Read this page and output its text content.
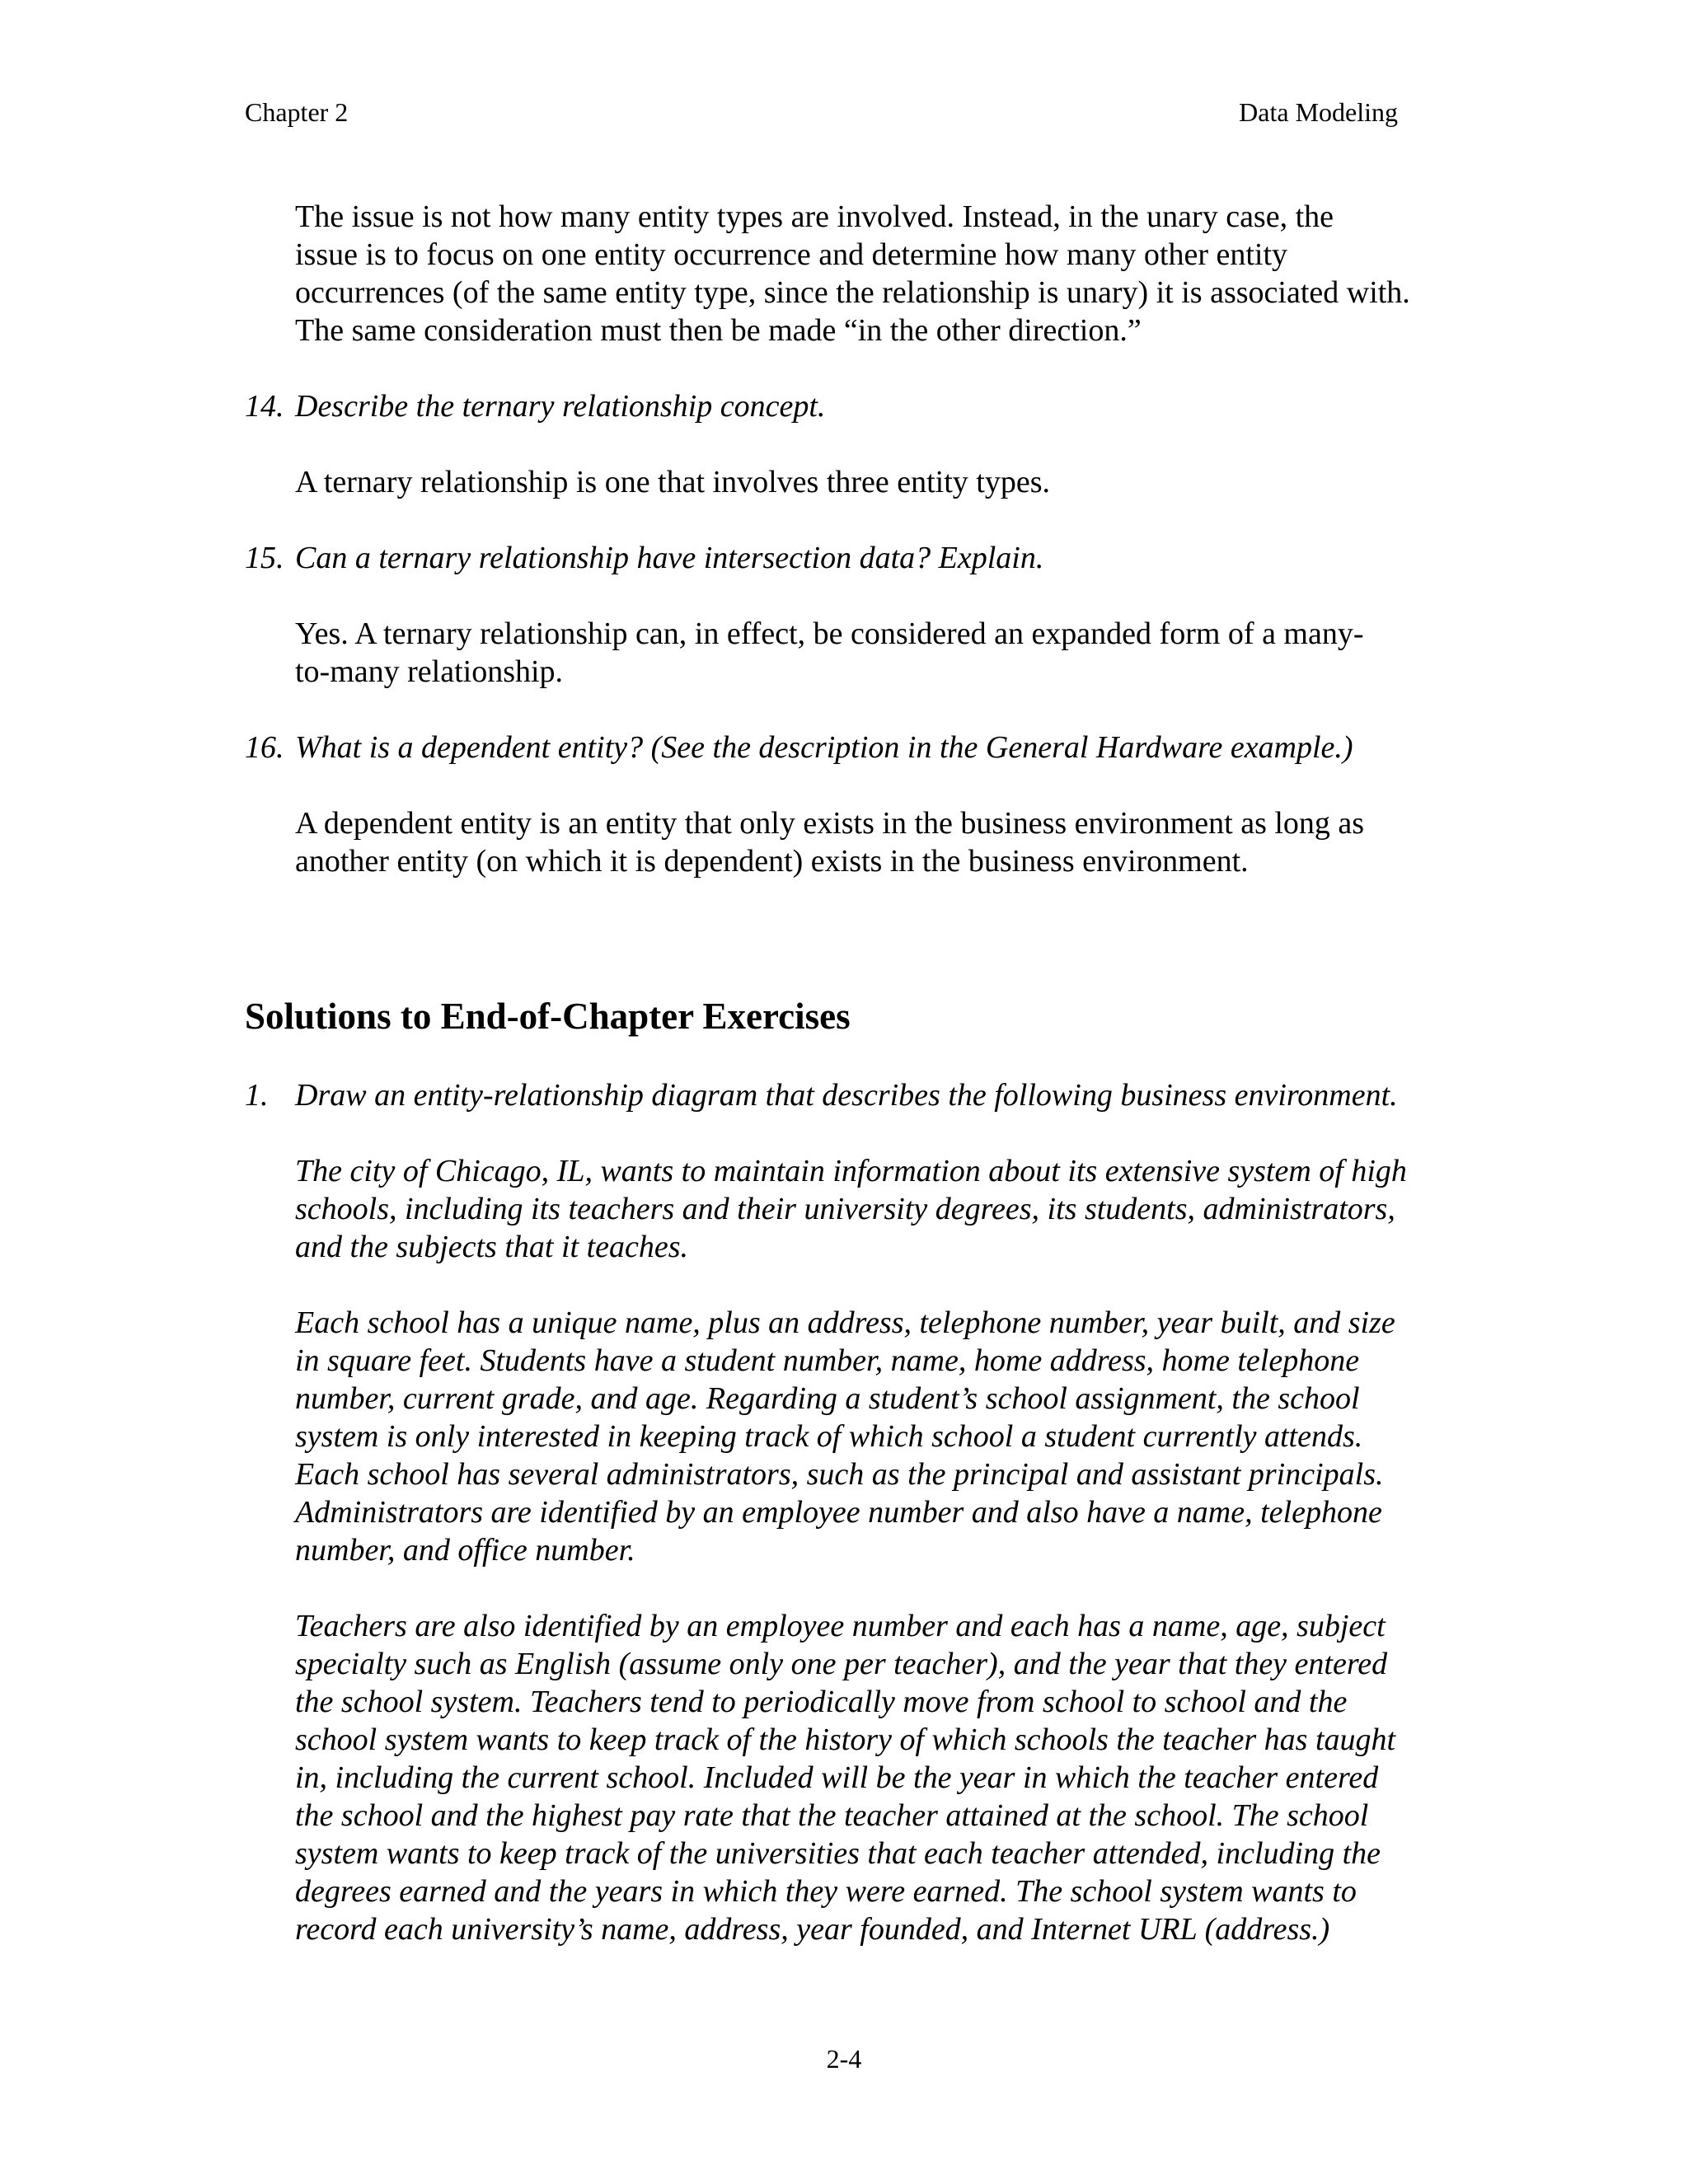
Chapter 2	Data Modeling

The issue is not how many entity types are involved. Instead, in the unary case, the
issue is to focus on one entity occurrence and determine how many other entity
occurrences (of the same entity type, since the relationship is unary) it is associated with.
The same consideration must then be made “in the other direction.”

14. Describe the ternary relationship concept.

A ternary relationship is one that involves three entity types.

15. Can a ternary relationship have intersection data? Explain.

Yes. A ternary relationship can, in effect, be considered an expanded form of a many-
to-many relationship.

16. What is a dependent entity? (See the description in the General Hardware example.)

A dependent entity is an entity that only exists in the business environment as long as
another entity (on which it is dependent) exists in the business environment.

Solutions to End-of-Chapter Exercises
1. Draw an entity-relationship diagram that describes the following business environment.

The city of Chicago, IL, wants to maintain information about its extensive system of high
schools, including its teachers and their university degrees, its students, administrators,
and the subjects that it teaches.

Each school has a unique name, plus an address, telephone number, year built, and size
in square feet. Students have a student number, name, home address, home telephone
number, current grade, and age. Regarding a student’s school assignment, the school
system is only interested in keeping track of which school a student currently attends.
Each school has several administrators, such as the principal and assistant principals.
Administrators are identified by an employee number and also have a name, telephone
number, and office number.

Teachers are also identified by an employee number and each has a name, age, subject
specialty such as English (assume only one per teacher), and the year that they entered
the school system. Teachers tend to periodically move from school to school and the
school system wants to keep track of the history of which schools the teacher has taught
in, including the current school. Included will be the year in which the teacher entered
the school and the highest pay rate that the teacher attained at the school. The school
system wants to keep track of the universities that each teacher attended, including the
degrees earned and the years in which they were earned. The school system wants to
record each university’s name, address, year founded, and Internet URL (address.)

2-4
